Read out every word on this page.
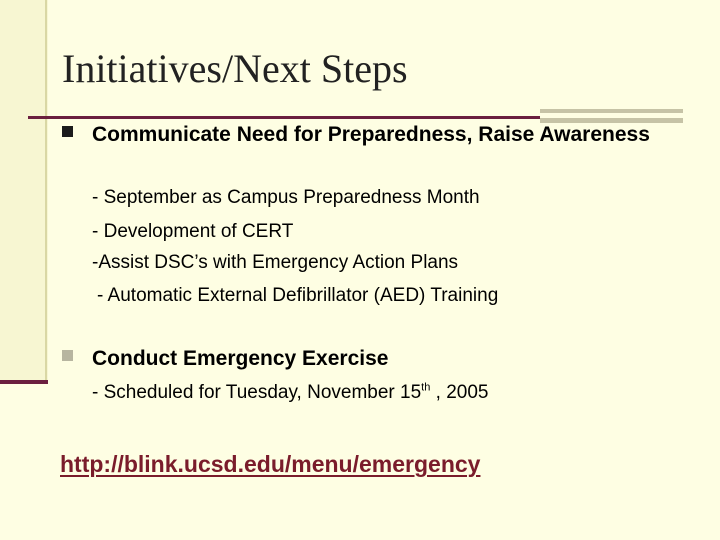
Initiatives/Next Steps
Communicate Need for Preparedness, Raise Awareness
- September as Campus Preparedness Month
- Development of CERT
-Assist DSC’s with Emergency Action Plans
- Automatic External Defibrillator (AED) Training
Conduct Emergency Exercise
- Scheduled for Tuesday, November 15th , 2005
http://blink.ucsd.edu/menu/emergency
